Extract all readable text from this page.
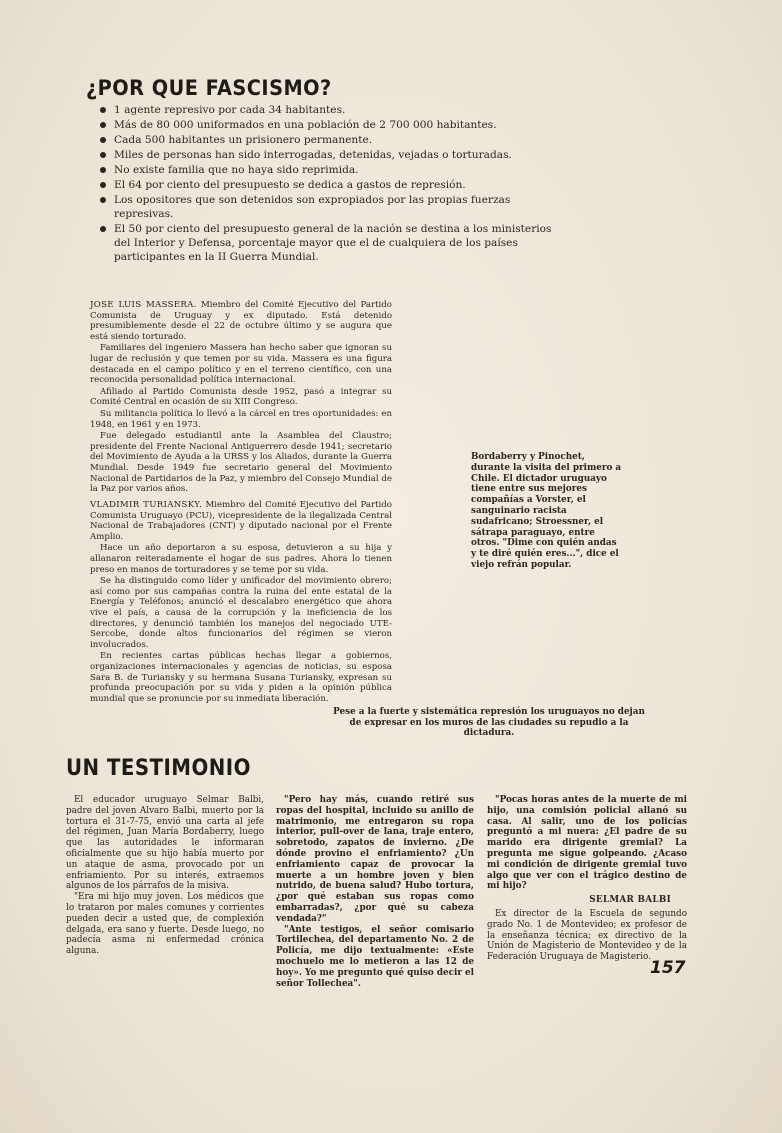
¿POR QUE FASCISMO?
1 agente represivo por cada 34 habitantes.
Más de 80 000 uniformados en una población de 2 700 000 habitantes.
Cada 500 habitantes un prisionero permanente.
Miles de personas han sido interrogadas, detenidas, vejadas o torturadas.
No existe familia que no haya sido reprimida.
El 64 por ciento del presupuesto se dedica a gastos de represión.
Los opositores que son detenidos son expropiados por las propias fuerzas represivas.
El 50 por ciento del presupuesto general de la nación se destina a los ministerios del Interior y Defensa, porcentaje mayor que el de cualquiera de los países participantes en la II Guerra Mundial.

JOSE LUIS MASSERA. Miembro del Comité Ejecutivo del Partido Comunista de Uruguay y ex diputado. Está detenido presumiblemente desde el 22 de octubre último y se augura que está siendo torturado.

Familiares del ingeniero Massera han hecho saber que ignoran su lugar de reclusión y que temen por su vida. Massera es una figura destacada en el campo político y en el terreno científico, con una reconocida personalidad política internacional.

Afiliado al Partido Comunista desde 1952, pasó a integrar su Comité Central en ocasión de su XIII Congreso.

Su militancia política lo llevó a la cárcel en tres oportunidades: en 1948, en 1961 y en 1973.

Fue delegado estudiantil ante la Asamblea del Claustro; presidente del Frente Nacional Antiguerrero desde 1941; secretario del Movimiento de Ayuda a la URSS y los Aliados, durante la Guerra Mundial. Desde 1949 fue secretario general del Movimiento Nacional de Partidarios de la Paz, y miembro del Consejo Mundial de la Paz por varios años.

VLADIMIR TURIANSKY. Miembro del Comité Ejecutivo del Partido Comunista Uruguayo (PCU), vicepresidente de la ilegalizada Central Nacional de Trabajadores (CNT) y diputado nacional por el Frente Amplio.

Hace un año deportaron a su esposa, detuvieron a su hija y allanaron reiteradamente el hogar de sus padres. Ahora lo tienen preso en manos de torturadores y se teme por su vida.

Se ha distinguido como líder y unificador del movimiento obrero; así como por sus campañas contra la ruina del ente estatal de la Energía y Teléfonos; anunció el descalabro energético que ahora vive el país, a causa de la corrupción y la ineficiencia de los directores, y denunció también los manejos del negociado UTE-Sercobe, donde altos funcionarios del régimen se vieron involucrados.

En recientes cartas públicas hechas llegar a gobiernos, organizaciones internacionales y agencias de noticias, su esposa Sara B. de Turiansky y su hermana Susana Turiansky, expresan su profunda preocupación por su vida y piden a la opinión pública mundial que se pronuncie por su inmediata liberación.

Bordaberry y Pinochet, durante la visita del primero a Chile. El dictador uruguayo tiene entre sus mejores compañías a Vorster, el sanguinario racista sudafricano; Stroessner, el sátrapa paraguayo, entre otros. "Dime con quién andas y te diré quién eres...", dice el viejo refrán popular.

Pese a la fuerte y sistemática represión los uruguayos no dejan de expresar en los muros de las ciudades su repudio a la dictadura.

UN TESTIMONIO

El educador uruguayo Selmar Balbi, padre del joven Alvaro Balbi, muerto por la tortura el 31-7-75, envió una carta al jefe del régimen, Juan María Bordaberry, luego que las autoridades le informaran oficialmente que su hijo había muerto por un ataque de asma, provocado por un enfriamiento. Por su interés, extraemos algunos de los párrafos de la misiva.

"Era mi hijo muy joven. Los médicos que lo trataron por males comunes y corrientes pueden decir a usted que, de complexión delgada, era sano y fuerte. Desde luego, no padecía asma ni enfermedad crónica alguna.

"Pero hay más, cuando retiré sus ropas del hospital, incluido su anillo de matrimonio, me entregaron su ropa interior, pull-over de lana, traje entero, sobretodo, zapatos de invierno. ¿De dónde provino el enfriamiento? ¿Un enfriamiento capaz de provocar la muerte a un hombre joven y bien nutrido, de buena salud? Hubo tortura, ¿por qué estaban sus ropas como embarradas?, ¿por qué su cabeza vendada?"

"Ante testigos, el señor comisario Tortilechea, del departamento No. 2 de Policía, me dijo textualmente: «Este mochuelo me lo metieron a las 12 de hoy». Yo me pregunto qué quiso decir el señor Tollechea".

"Pocas horas antes de la muerte de mi hijo, una comisión policial allanó su casa. Al salir, uno de los policías preguntó a mi nuera: ¿El padre de su marido era dirigente gremial? La pregunta me sigue golpeando. ¿Acaso mi condición de dirigente gremial tuvo algo que ver con el trágico destino de mi hijo?

SELMAR BALBI

Ex director de la Escuela de segundo grado No. 1 de Montevideo; ex profesor de la enseñanza técnica; ex directivo de la Unión de Magisterio de Montevideo y de la Federación Uruguaya de Magisterio.

157
